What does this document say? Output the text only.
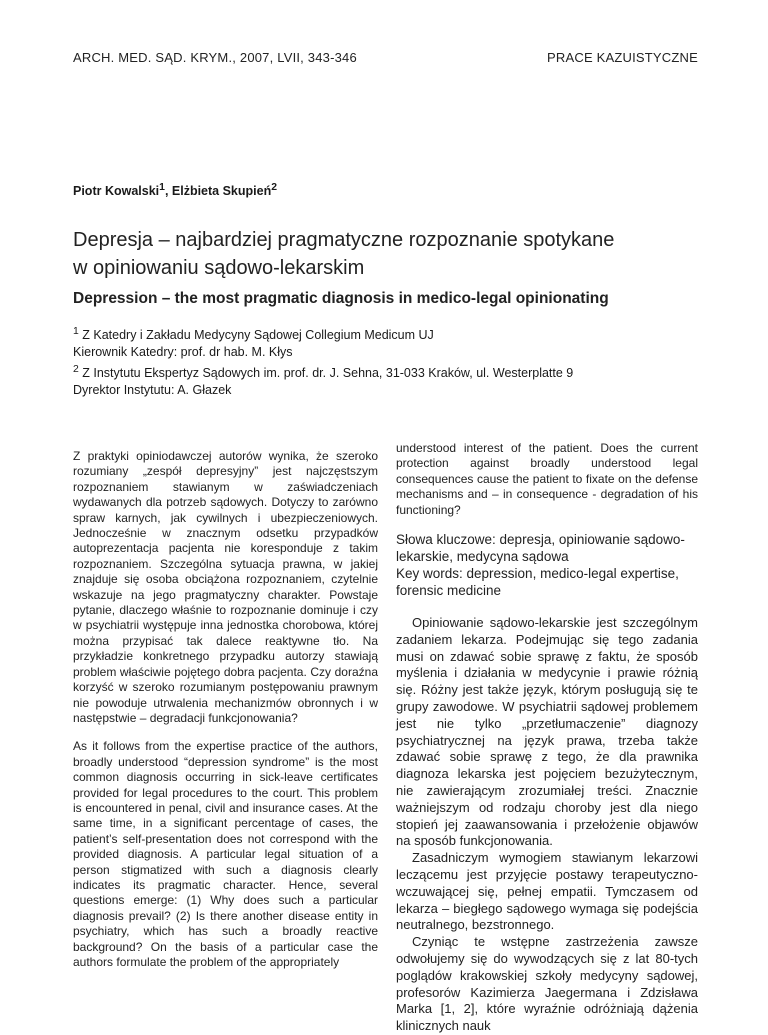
ARCH. MED. SĄD. KRYM., 2007, LVII, 343-346	PRACE KAZUISTYCZNE
Piotr Kowalski$^1$, Elżbieta Skupień$^2$
Depresja – najbardziej pragmatyczne rozpoznanie spotykane
w opiniowaniu sądowo-lekarskim
Depression – the most pragmatic diagnosis in medico-legal opinionating
$^1$ Z Katedry i Zakładu Medycyny Sądowej Collegium Medicum UJ
Kierownik Katedry: prof. dr hab. M. Kłys
$^2$ Z Instytutu Ekspertyz Sądowych im. prof. dr. J. Sehna, 31-033 Kraków, ul. Westerplatte 9
Dyrektor Instytutu: A. Głazek

Z praktyki opiniodawczej autorów wynika, że szeroko rozumiany „zespół depresyjny” jest najczęstszym rozpoznaniem stawianym w zaświadczeniach wydawanych dla potrzeb sądowych. Dotyczy to zarówno spraw karnych, jak cywilnych i ubezpieczeniowych. Jednocześnie w znacznym odsetku przypadków autoprezentacja pacjenta nie koresponduje z takim rozpoznaniem. Szczególna sytuacja prawna, w jakiej znajduje się osoba obciążona rozpoznaniem, czytelnie wskazuje na jego pragmatyczny charakter. Powstaje pytanie, dlaczego właśnie to rozpoznanie dominuje i czy w psychiatrii występuje inna jednostka chorobowa, której można przypisać tak dalece reaktywne tło. Na przykładzie konkretnego przypadku autorzy stawiają problem właściwie pojętego dobra pacjenta. Czy doraźna korzyść w szeroko rozumianym postępowaniu prawnym nie powoduje utrwalenia mechanizmów obronnych i w następstwie – degradacji funkcjonowania?

As it follows from the expertise practice of the authors, broadly understood “depression syndrome” is the most common diagnosis occurring in sick-leave certificates provided for legal procedures to the court. This problem is encountered in penal, civil and insurance cases. At the same time, in a significant percentage of cases, the patient’s self-presentation does not correspond with the provided diagnosis. A particular legal situation of a person stigmatized with such a diagnosis clearly indicates its pragmatic character. Hence, several questions emerge: (1) Why does such a particular diagnosis prevail? (2) Is there another disease entity in psychiatry, which has such a broadly reactive background? On the basis of a particular case the authors formulate the problem of the appropriately

understood interest of the patient. Does the current protection against broadly understood legal consequences cause the patient to fixate on the defense mechanisms and – in consequence - degradation of his functioning?

Słowa kluczowe: depresja, opiniowanie sądowo-lekarskie, medycyna sądowa
Key words: depression, medico-legal expertise, forensic medicine

Opiniowanie sądowo-lekarskie jest szczególnym zadaniem lekarza. Podejmując się tego zadania musi on zdawać sobie sprawę z faktu, że sposób myślenia i działania w medycynie i prawie różnią się. Różny jest także język, którym posługują się te grupy zawodowe. W psychiatrii sądowej problemem jest nie tylko „przetłumaczenie” diagnozy psychiatrycznej na język prawa, trzeba także zdawać sobie sprawę z tego, że dla prawnika diagnoza lekarska jest pojęciem bezużytecznym, nie zawierającym zrozumiałej treści. Znacznie ważniejszym od rodzaju choroby jest dla niego stopień jej zaawansowania i przełożenie objawów na sposób funkcjonowania.

Zasadniczym wymogiem stawianym lekarzowi leczącemu jest przyjęcie postawy terapeutyczno-wczuwającej się, pełnej empatii. Tymczasem od lekarza – biegłego sądowego wymaga się podejścia neutralnego, bezstronnego.

Czyniąc te wstępne zastrzeżenia zawsze odwołujemy się do wywodzących się z lat 80-tych poglądów krakowskiej szkoły medycyny sądowej, profesorów Kazimierza Jaegermana i Zdzisława Marka [1, 2], które wyraźnie odróżniają dążenia klinicznych nauk
